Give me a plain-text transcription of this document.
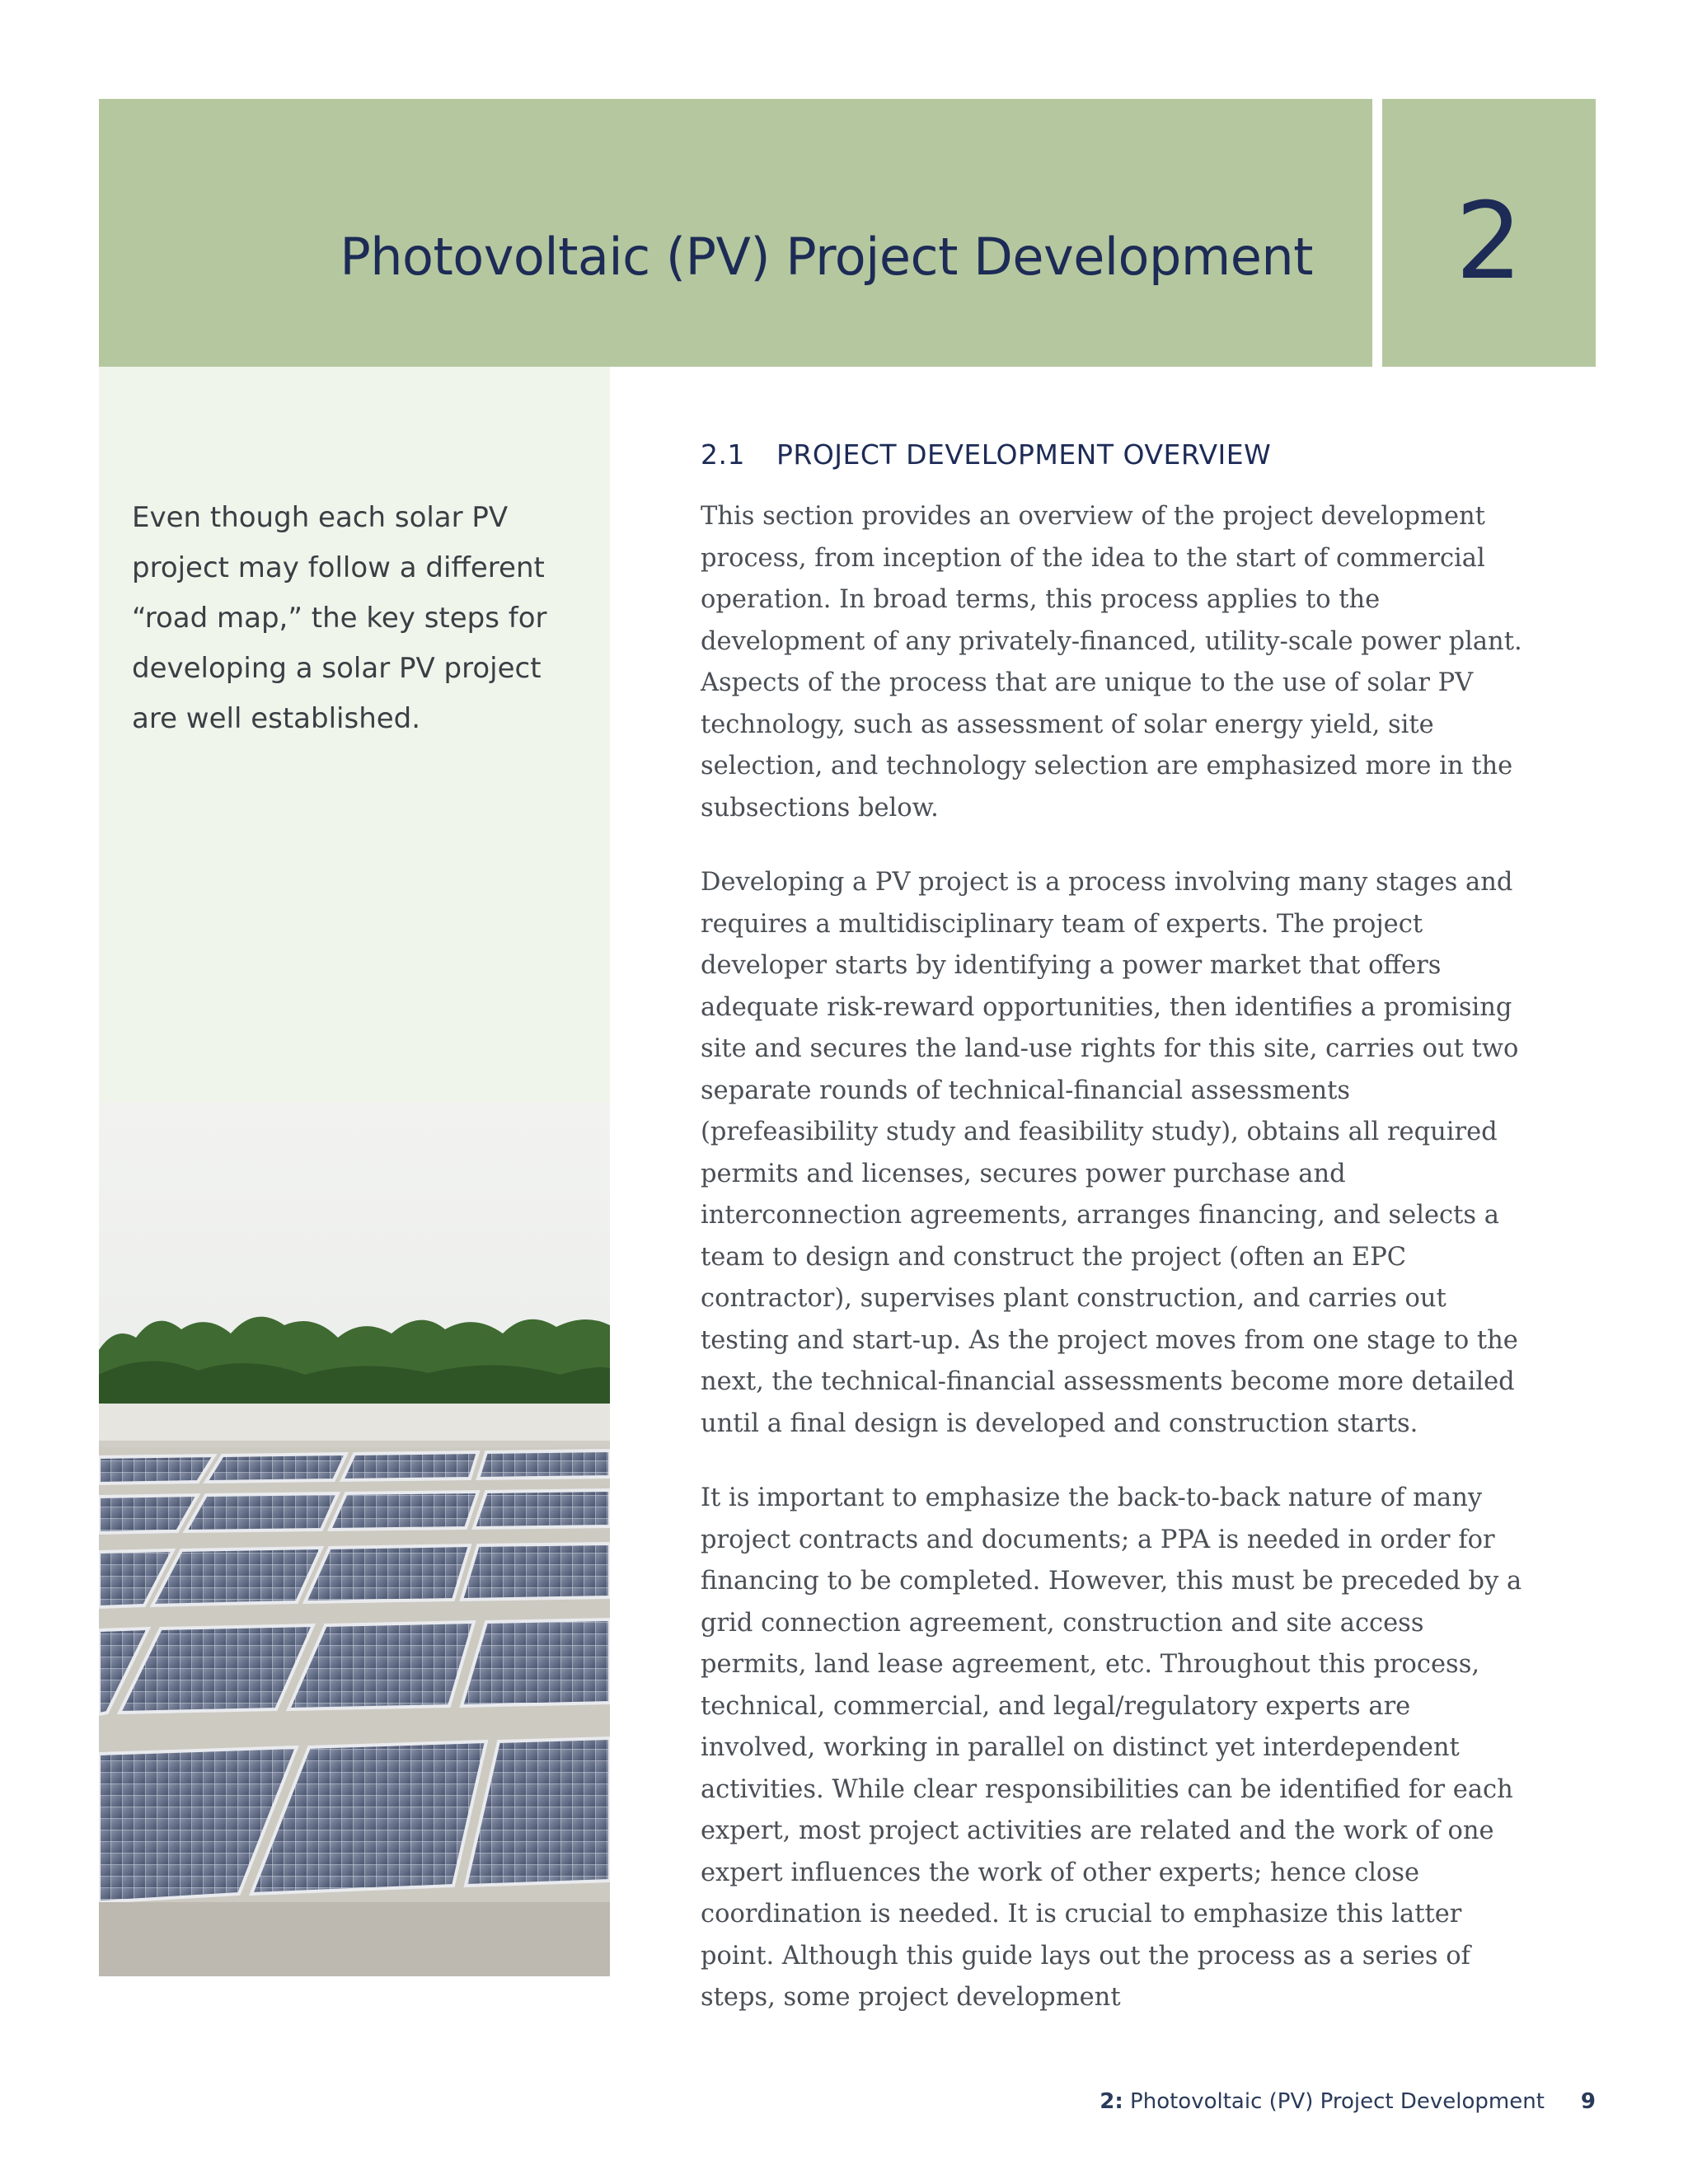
Photovoltaic (PV) Project Development	2
Even though each solar PV project may follow a different “road map,” the key steps for developing a solar PV project are well established.
2.1 PROJECT DEVELOPMENT OVERVIEW

This section provides an overview of the project development process, from inception of the idea to the start of commercial operation. In broad terms, this process applies to the development of any privately-financed, utility-scale power plant. Aspects of the process that are unique to the use of solar PV technology, such as assessment of solar energy yield, site selection, and technology selection are emphasized more in the subsections below.

Developing a PV project is a process involving many stages and requires a multidisciplinary team of experts. The project developer starts by identifying a power market that offers adequate risk-reward opportunities, then identifies a promising site and secures the land-use rights for this site, carries out two separate rounds of technical-financial assessments (prefeasibility study and feasibility study), obtains all required permits and licenses, secures power purchase and interconnection agreements, arranges financing, and selects a team to design and construct the project (often an EPC contractor), supervises plant construction, and carries out testing and start-up. As the project moves from one stage to the next, the technical-financial assessments become more detailed until a final design is developed and construction starts.

It is important to emphasize the back-to-back nature of many project contracts and documents; a PPA is needed in order for financing to be completed. However, this must be preceded by a grid connection agreement, construction and site access permits, land lease agreement, etc. Throughout this process, technical, commercial, and legal/regulatory experts are involved, working in parallel on distinct yet interdependent activities. While clear responsibilities can be identified for each expert, most project activities are related and the work of one expert influences the work of other experts; hence close coordination is needed. It is crucial to emphasize this latter point. Although this guide lays out the process as a series of steps, some project development

2: Photovoltaic (PV) Project Development 9
